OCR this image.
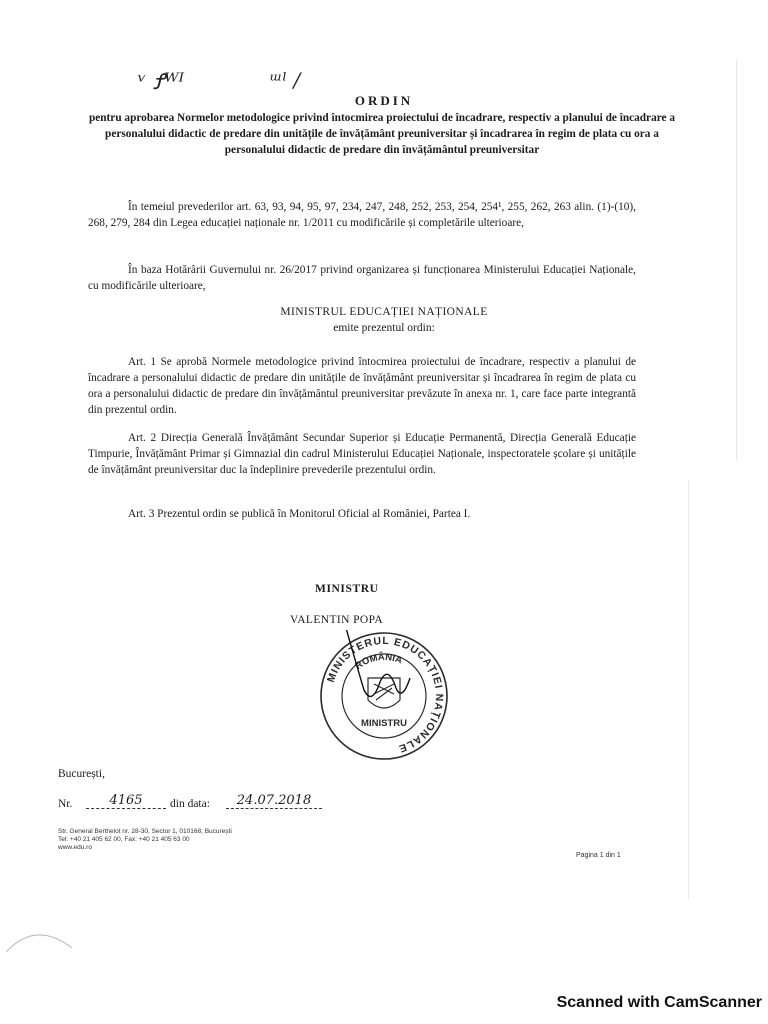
ᵛ Ꝭᵂᴵ	ᵚˡ /
ORDIN
pentru aprobarea Normelor metodologice privind întocmirea proiectului de încadrare, respectiv a planului de încadrare a personalului didactic de predare din unitățile de învățământ preuniversitar și încadrarea în regim de plata cu ora a personalului didactic de predare din învățământul preuniversitar
În temeiul prevederilor art. 63, 93, 94, 95, 97, 234, 247, 248, 252, 253, 254, 254¹, 255, 262, 263 alin. (1)-(10), 268, 279, 284 din Legea educației naționale nr. 1/2011 cu modificările și completările ulterioare,
În baza Hotărârii Guvernului nr. 26/2017 privind organizarea și funcționarea Ministerului Educației Naționale, cu modificările ulterioare,
MINISTRUL EDUCAȚIEI NAȚIONALE
emite prezentul ordin:
Art. 1 Se aprobă Normele metodologice privind întocmirea proiectului de încadrare, respectiv a planului de încadrare a personalului didactic de predare din unitățile de învățământ preuniversitar și încadrarea în regim de plata cu ora a personalului didactic de predare din învățământul preuniversitar prevăzute în anexa nr. 1, care face parte integrantă din prezentul ordin.
Art. 2 Direcția Generală Învățământ Secundar Superior și Educație Permanentă, Direcția Generală Educație Timpurie, Învățământ Primar și Gimnazial din cadrul Ministerului Educației Naționale, inspectoratele școlare și unitățile de învățământ preuniversitar duc la îndeplinire prevederile prezentului ordin.
Art. 3 Prezentul ordin se publică în Monitorul Oficial al României, Partea I.
MINISTRU
VALENTIN POPA
MINISTERUL EDUCAȚIEI NAȚIONALE
ROMÂNIA
MINISTRU
București,
Nr.	4165	din data:	24.07.2018
Str. General Berthelot nr. 28-30, Sector 1, 010168, București
Tel: +40 21 405 62 00, Fax: +40 21 405 63 00
www.edu.ro
Pagina 1 din 1
Scanned with CamScanner
